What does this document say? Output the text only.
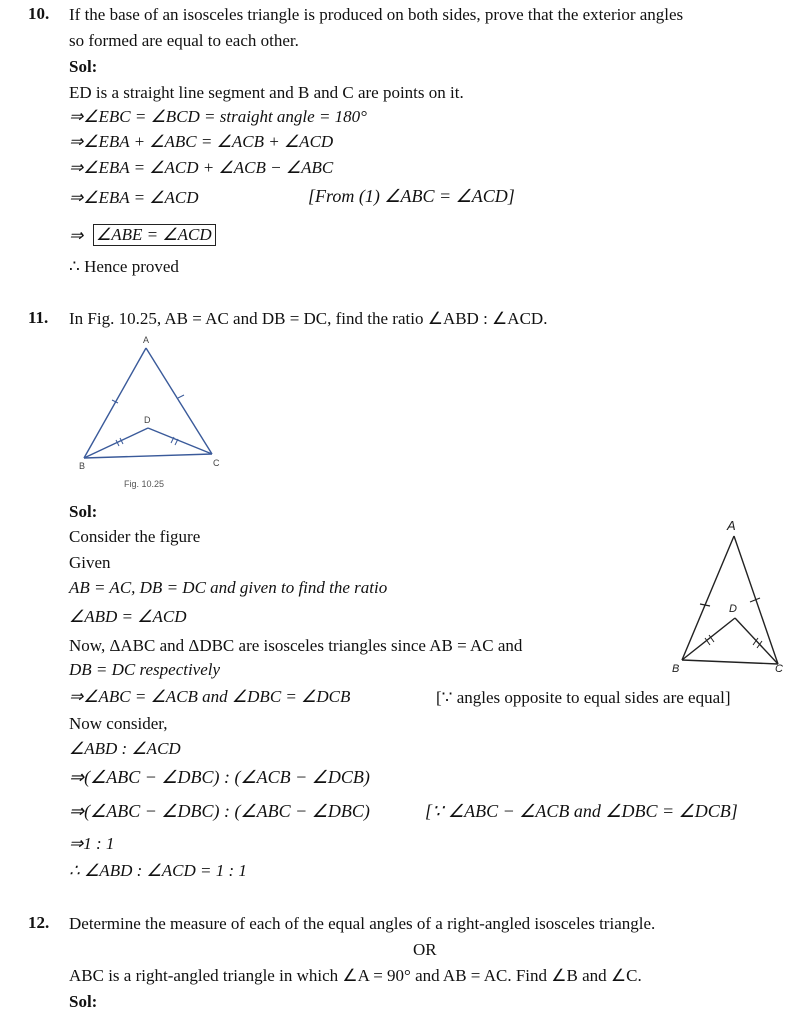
10. If the base of an isosceles triangle is produced on both sides, prove that the exterior angles
so formed are equal to each other.
Sol:
ED is a straight line segment and B and C are points on it.
⇒∠EBC = ∠BCD = straight angle = 180°
⇒∠EBA + ∠ABC = ∠ACB + ∠ACD
⇒∠EBA = ∠ACD + ∠ACB − ∠ABC
⇒∠EBA = ∠ACD	[From (1) ∠ABC = ∠ACD]
⇒ ∠ABE = ∠ACD
∴ Hence proved
11. In Fig. 10.25, AB = AC and DB = DC, find the ratio ∠ABD : ∠ACD.
A
B	C
D
Fig. 10.25
Sol:
Consider the figure
Given
AB = AC, DB = DC and given to find the ratio
∠ABD = ∠ACD
Now, ΔABC and ΔDBC are isosceles triangles since AB = AC and
DB = DC respectively
⇒∠ABC = ∠ACB and ∠DBC = ∠DCB	[∵ angles opposite to equal sides are equal]
Now consider,
∠ABD : ∠ACD
⇒(∠ABC − ∠DBC) : (∠ACB − ∠DCB)
⇒(∠ABC − ∠DBC) : (∠ABC − ∠DBC)	[∵ ∠ABC − ∠ACB and ∠DBC = ∠DCB]
⇒1 : 1
∴ ∠ABD : ∠ACD = 1 : 1
A
B	C
D
12. Determine the measure of each of the equal angles of a right-angled isosceles triangle.
OR
ABC is a right-angled triangle in which ∠A = 90° and AB = AC. Find ∠B and ∠C.
Sol:
